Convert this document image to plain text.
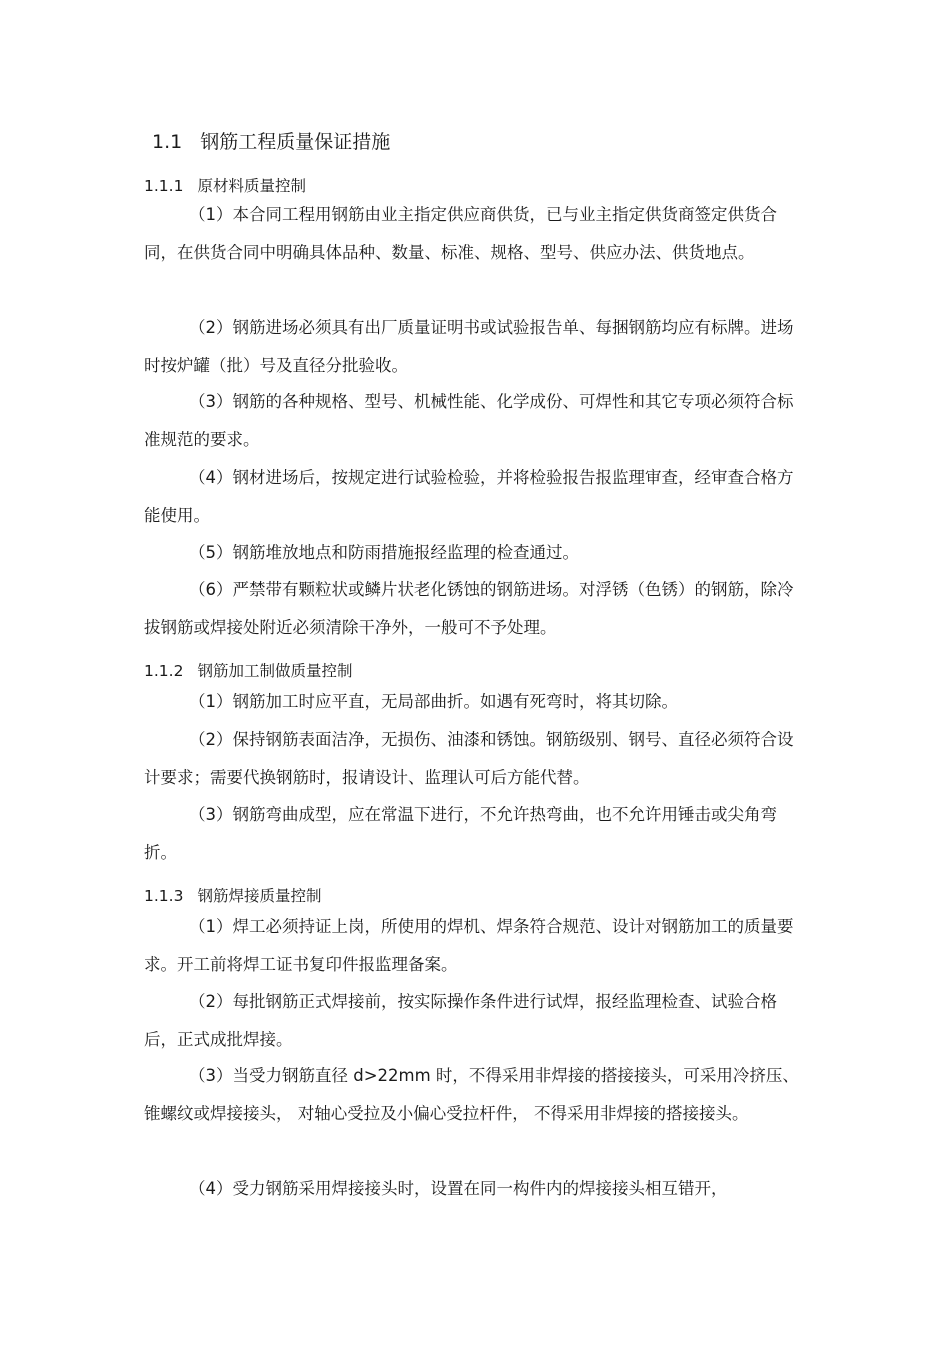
1.1 钢筋工程质量保证措施
1.1.1 原材料质量控制

（1）本合同工程用钢筋由业主指定供应商供货，已与业主指定供货商签定供货合同，在供货合同中明确具体品种、数量、标准、规格、型号、供应办法、供货地点。

（2）钢筋进场必须具有出厂质量证明书或试验报告单、每捆钢筋均应有标牌。进场时按炉罐（批）号及直径分批验收。

（3）钢筋的各种规格、型号、机械性能、化学成份、可焊性和其它专项必须符合标准规范的要求。

（4）钢材进场后，按规定进行试验检验，并将检验报告报监理审查，经审查合格方能使用。

（5）钢筋堆放地点和防雨措施报经监理的检查通过。

（6）严禁带有颗粒状或鳞片状老化锈蚀的钢筋进场。对浮锈（色锈）的钢筋，除冷拔钢筋或焊接处附近必须清除干净外，一般可不予处理。

1.1.2 钢筋加工制做质量控制

（1）钢筋加工时应平直，无局部曲折。如遇有死弯时，将其切除。

（2）保持钢筋表面洁净，无损伤、油漆和锈蚀。钢筋级别、钢号、直径必须符合设计要求；需要代换钢筋时，报请设计、监理认可后方能代替。

（3）钢筋弯曲成型，应在常温下进行，不允许热弯曲，也不允许用锤击或尖角弯折。

1.1.3 钢筋焊接质量控制

（1）焊工必须持证上岗，所使用的焊机、焊条符合规范、设计对钢筋加工的质量要求。开工前将焊工证书复印件报监理备案。

（2）每批钢筋正式焊接前，按实际操作条件进行试焊，报经监理检查、试验合格后，正式成批焊接。

（3）当受力钢筋直径 d>22mm 时，不得采用非焊接的搭接接头，可采用冷挤压、锥螺纹或焊接接头， 对轴心受拉及小偏心受拉杆件， 不得采用非焊接的搭接接头。

（4）受力钢筋采用焊接接头时，设置在同一构件内的焊接接头相互错开，
